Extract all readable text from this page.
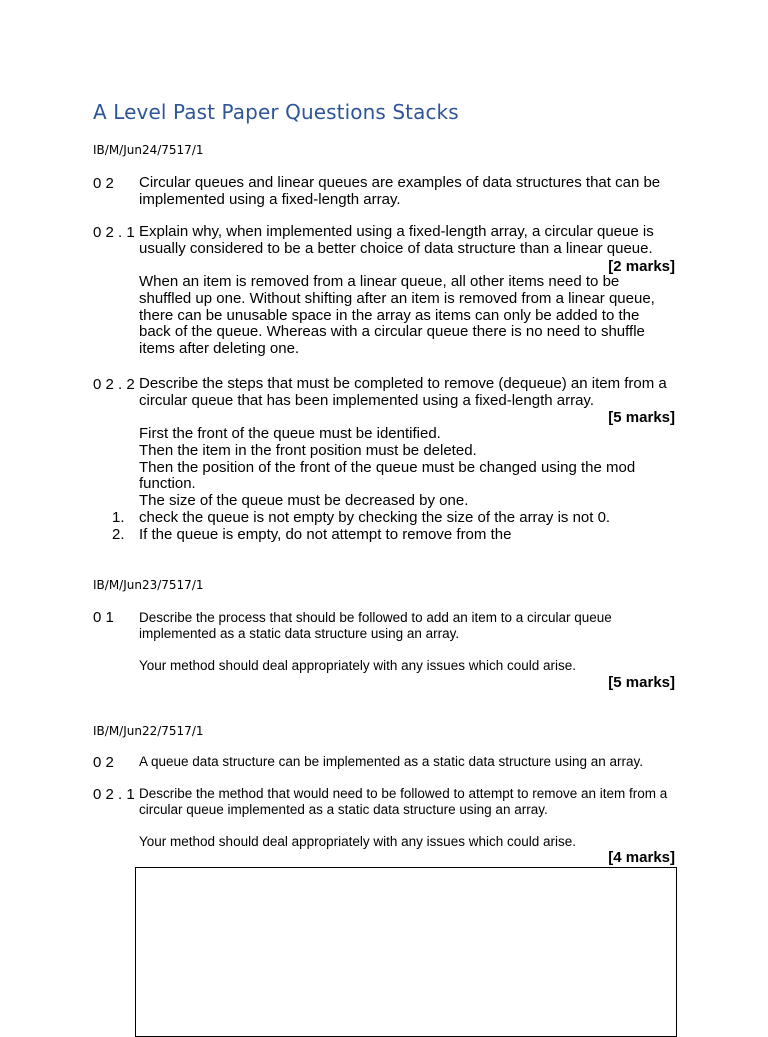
A Level Past Paper Questions Stacks
IB/M/Jun24/7517/1
0 2 Circular queues and linear queues are examples of data structures that can be implemented using a fixed-length array.

0 2 . 1 Explain why, when implemented using a fixed-length array, a circular queue is usually considered to be a better choice of data structure than a linear queue.

[2 marks]

When an item is removed from a linear queue, all other items need to be shuffled up one. Without shifting after an item is removed from a linear queue, there can be unusable space in the array as items can only be added to the back of the queue. Whereas with a circular queue there is no need to shuffle items after deleting one.

0 2 . 2 Describe the steps that must be completed to remove (dequeue) an item from a circular queue that has been implemented using a fixed-length array.

[5 marks]
First the front of the queue must be identified.
Then the item in the front position must be deleted.
Then the position of the front of the queue must be changed using the mod function.
The size of the queue must be decreased by one.
1. check the queue is not empty by checking the size of the array is not 0.
2. If the queue is empty, do not attempt to remove from the
IB/M/Jun23/7517/1
0 1 Describe the process that should be followed to add an item to a circular queue implemented as a static data structure using an array.

Your method should deal appropriately with any issues which could arise.

[5 marks]
IB/M/Jun22/7517/1
0 2 A queue data structure can be implemented as a static data structure using an array.

0 2 . 1 Describe the method that would need to be followed to attempt to remove an item from a circular queue implemented as a static data structure using an array.

Your method should deal appropriately with any issues which could arise.

[4 marks]
